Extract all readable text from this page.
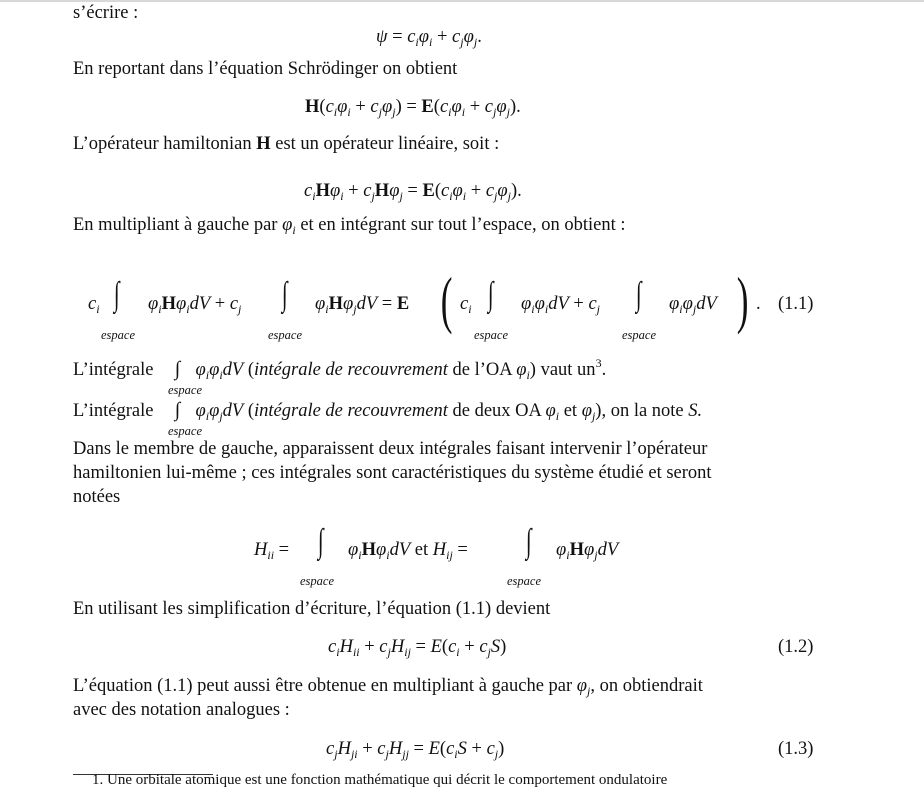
s’écrire :
$\psi = c_i\varphi_i + c_j\varphi_j$.
En reportant dans l’équation Schrödinger on obtient
$H(c_i\varphi_i + c_j\varphi_j) = E(c_i\varphi_i + c_j\varphi_j)$.
L’opérateur hamiltonian H est un opérateur linéaire, soit :
$c_iH\varphi_i + c_jH\varphi_j = E(c_i\varphi_i + c_j\varphi_j)$.
En multipliant à gauche par $\varphi_i$ et en intégrant sur tout l’espace, on obtient :
$c_i$ ∫
espace
$\varphi_iH\varphi_idV + c_j$ ∫
espace
$\varphi_iH\varphi_jdV = E$ ( $c_i$ ∫
espace
$\varphi_i\varphi_idV + c_j$ ∫
espace
$\varphi_i\varphi_jdV$ ) . (1.1)
L’intégrale ∫ $\varphi_i\varphi_idV$ (intégrale de recouvrement de l’OA $\varphi_i$) vaut $un^3$.
espace
L’intégrale ∫ $\varphi_i\varphi_jdV$ (intégrale de recouvrement de deux OA $\varphi_i$ et $\varphi_j$), on la note S.
espace
Dans le membre de gauche, apparaissent deux intégrales faisant intervenir l’opérateur
hamiltonien lui-même ; ces intégrales sont caractéristiques du système étudié et seront
notées
$H_{ii}$ = ∫
espace
$\varphi_iH\varphi_idV$ et $H_{ij}$ = ∫
espace
$\varphi_iH\varphi_jdV$
En utilisant les simplification d’écriture, l’équation (1.1) devient
$c_iH_{ii} + c_jH_{ij} = E(c_i + c_jS)$	(1.2)
L’équation (1.1) peut aussi être obtenue en multipliant à gauche par $\varphi_j$, on obtiendrait
avec des notation analogues :
$c_jH_{ji} + c_jH_{jj} = E(c_iS + c_j)$	(1.3)
1. Une orbitale atomique est une fonction mathématique qui décrit le comportement ondulatoire
